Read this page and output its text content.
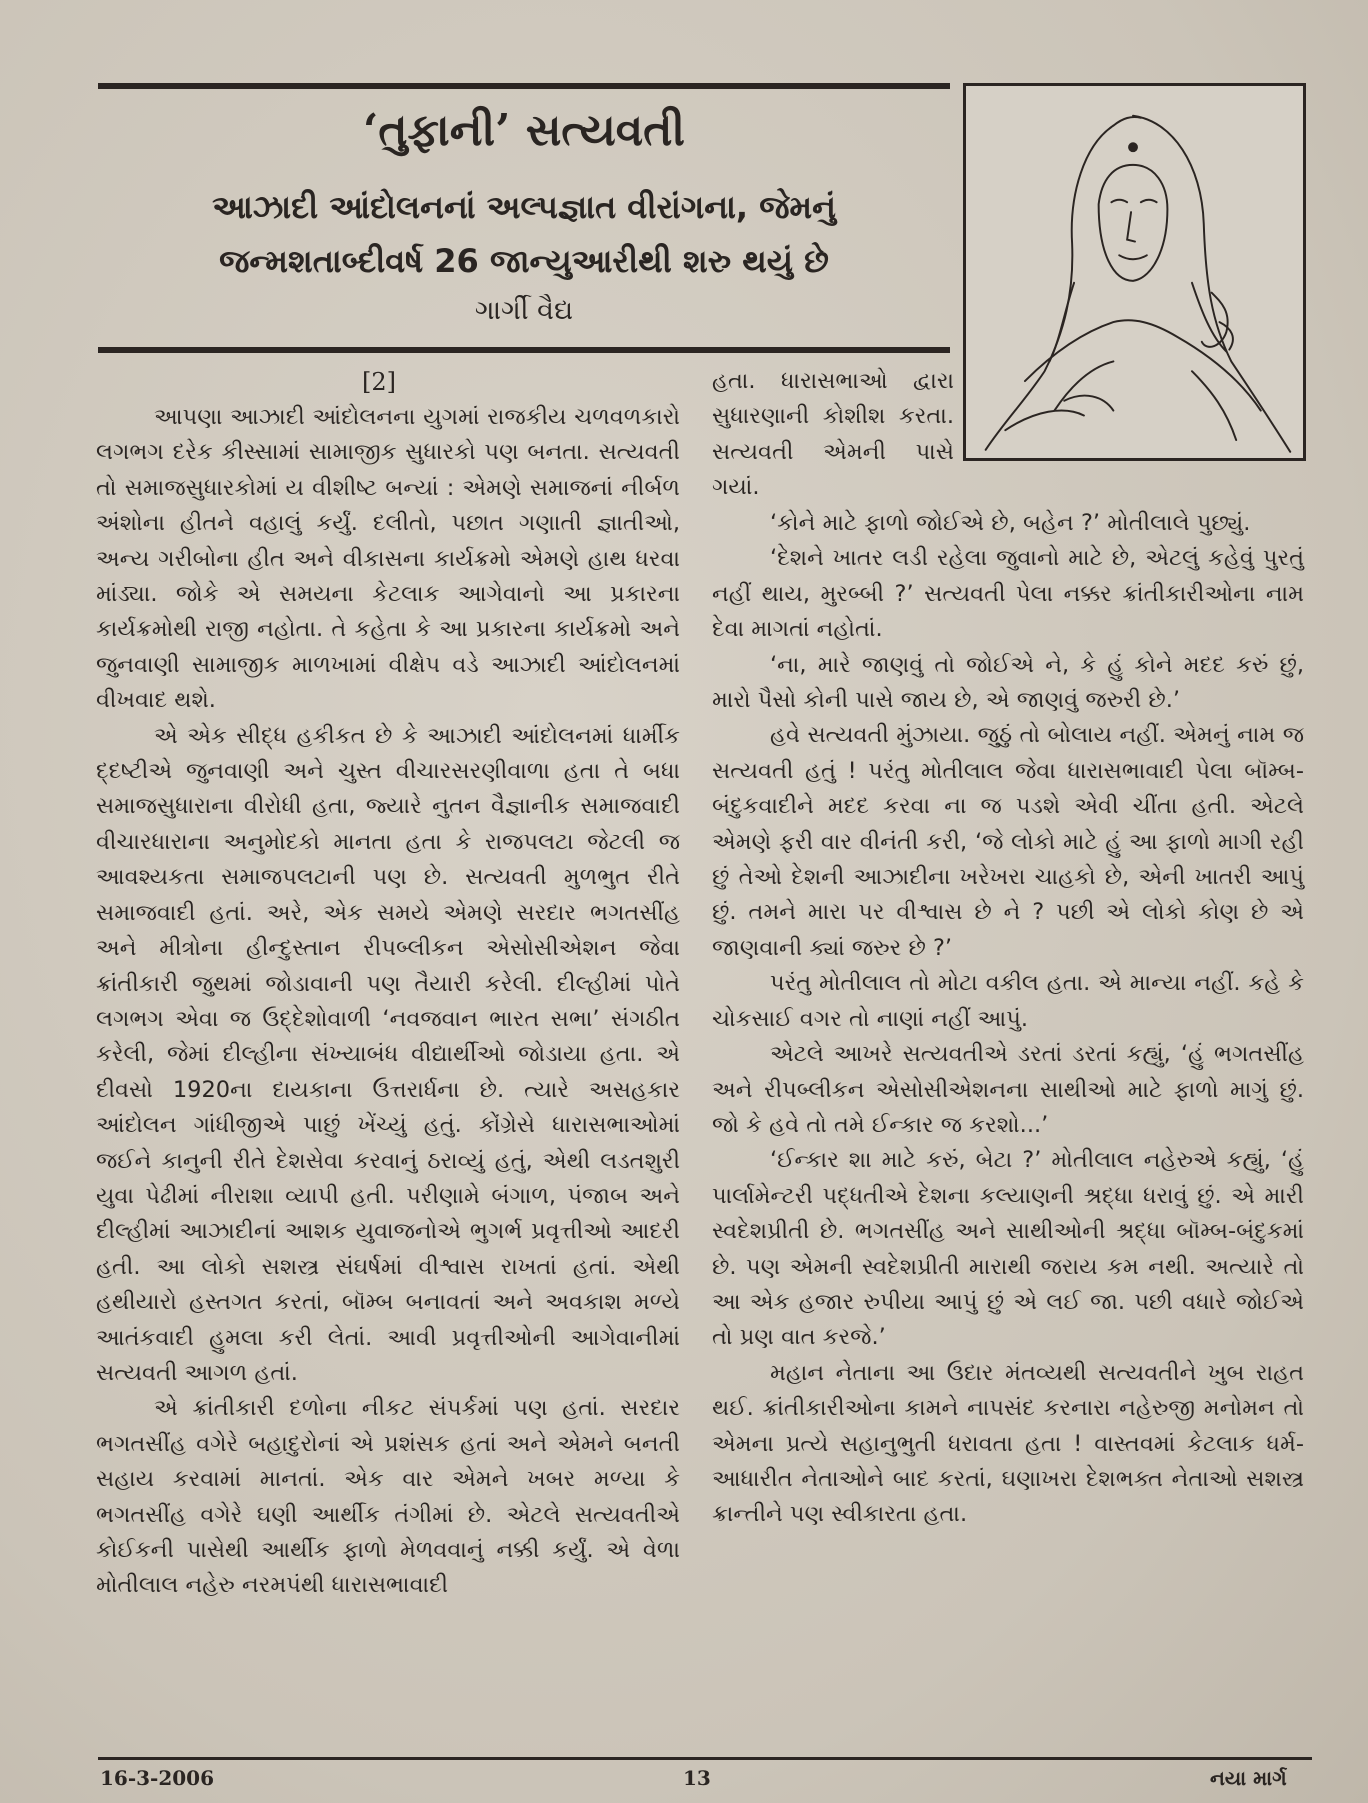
‘તુફાની’ સત્યવતી
આઝાદી આંદોલનનાં અલ્પજ્ઞાત વીરાંગના, જેમનું
જન્મશતાબ્દીવર્ષ 26 જાન્યુઆરીથી શરુ થયું છે
ગાર્ગી વૈદ્ય
[2]

આપણા આઝાદી આંદોલનના યુગમાં રાજકીય ચળવળકારો લગભગ દરેક કીસ્સામાં સામાજીક સુધારકો પણ બનતા. સત્યવતી તો સમાજસુધારકોમાં ય વીશીષ્ટ બન્યાં : એમણે સમાજનાં નીર્બળ અંશોના હીતને વહાલું કર્યું. દલીતો, પછાત ગણાતી જ્ઞાતીઓ, અન્ય ગરીબોના હીત અને વીકાસના કાર્યક્રમો એમણે હાથ ધરવા માંડ્યા. જોકે એ સમયના કેટલાક આગેવાનો આ પ્રકારના કાર્યક્રમોથી રાજી નહોતા. તે કહેતા કે આ પ્રકારના કાર્યક્રમો અને જુનવાણી સામાજીક માળખામાં વીક્ષેપ વડે આઝાદી આંદોલનમાં વીખવાદ થશે.

એ એક સીદ્ધ હકીકત છે કે આઝાદી આંદોલનમાં ધાર્મીક દ્દષ્ટીએ જુનવાણી અને ચુસ્ત વીચારસરણીવાળા હતા તે બધા સમાજસુધારાના વીરોધી હતા, જ્યારે નુતન વૈજ્ઞાનીક સમાજવાદી વીચારધારાના અનુમોદકો માનતા હતા કે રાજપલટા જેટલી જ આવશ્યકતા સમાજપલટાની પણ છે. સત્યવતી મુળભુત રીતે સમાજવાદી હતાં. અરે, એક સમયે એમણે સરદાર ભગતસીંહ અને મીત્રોના હીન્દુસ્તાન રીપબ્લીકન એસોસીએશન જેવા ક્રાંતીકારી જુથમાં જોડાવાની પણ તૈયારી કરેલી. દીલ્હીમાં પોતે લગભગ એવા જ ઉદ્દેશોવાળી ‘નવજવાન ભારત સભા’ સંગઠીત કરેલી, જેમાં દીલ્હીના સંખ્યાબંધ વીદ્યાર્થીઓ જોડાયા હતા. એ દીવસો 1920ના દાયકાના ઉત્તરાર્ધના છે. ત્યારે અસહકાર આંદોલન ગાંધીજીએ પાછું ખેંચ્યું હતું. કોંગ્રેસે ધારાસભાઓમાં જઈને કાનુની રીતે દેશસેવા કરવાનું ઠરાવ્યું હતું, એથી લડતશુરી યુવા પેઢીમાં નીરાશા વ્યાપી હતી. પરીણામે બંગાળ, પંજાબ અને દીલ્હીમાં આઝાદીનાં આશક યુવાજનોએ ભુગર્ભ પ્રવૃત્તીઓ આદરી હતી. આ લોકો સશસ્ત્ર સંઘર્ષમાં વીશ્વાસ રાખતાં હતાં. એથી હથીયારો હસ્તગત કરતાં, બૉમ્બ બનાવતાં અને અવકાશ મળ્યે આતંકવાદી હુમલા કરી લેતાં. આવી પ્રવૃત્તીઓની આગેવાનીમાં સત્યવતી આગળ હતાં.

એ ક્રાંતીકારી દળોના નીકટ સંપર્કમાં પણ હતાં. સરદાર ભગતસીંહ વગેરે બહાદુરોનાં એ પ્રશંસક હતાં અને એમને બનતી સહાય કરવામાં માનતાં. એક વાર એમને ખબર મળ્યા કે ભગતસીંહ વગેરે ઘણી આર્થીક તંગીમાં છે. એટલે સત્યવતીએ કોઈકની પાસેથી આર્થીક ફાળો મેળવવાનું નક્કી કર્યું. એ વેળા મોતીલાલ નહેરુ નરમપંથી ધારાસભાવાદી

હતા. ધારાસભાઓ દ્વારા સુધારણાની કોશીશ કરતા. સત્યવતી એમની પાસે ગયાં.

‘કોને માટે ફાળો જોઈએ છે, બહેન ?’ મોતીલાલે પુછ્યું.

‘દેશને ખાતર લડી રહેલા જુવાનો માટે છે, એટલું કહેવું પુરતું નહીં થાય, મુરબ્બી ?’ સત્યવતી પેલા નક્કર ક્રાંતીકારીઓના નામ દેવા માગતાં નહોતાં.

‘ના, મારે જાણવું તો જોઈએ ને, કે હું કોને મદદ કરું છું, મારો પૈસો કોની પાસે જાય છે, એ જાણવું જરુરી છે.’

હવે સત્યવતી મુંઝાયા. જુઠું તો બોલાય નહીં. એમનું નામ જ સત્યવતી હતું ! પરંતુ મોતીલાલ જેવા ધારાસભાવાદી પેલા બૉમ્બ-બંદુકવાદીને મદદ કરવા ના જ પડશે એવી ચીંતા હતી. એટલે એમણે ફરી વાર વીનંતી કરી, ‘જે લોકો માટે હું આ ફાળો માગી રહી છું તેઓ દેશની આઝાદીના ખરેખરા ચાહકો છે, એની ખાતરી આપું છું. તમને મારા પર વીશ્વાસ છે ને ? પછી એ લોકો કોણ છે એ જાણવાની ક્યાં જરુર છે ?’

પરંતુ મોતીલાલ તો મોટા વકીલ હતા. એ માન્યા નહીં. કહે કે ચોકસાઈ વગર તો નાણાં નહીં આપું.

એટલે આખરે સત્યવતીએ ડરતાં ડરતાં કહ્યું, ‘હું ભગતસીંહ અને રીપબ્લીકન એસોસીએશનના સાથીઓ માટે ફાળો માગું છું. જો કે હવે તો તમે ઈન્કાર જ કરશો...’

‘ઈન્કાર શા માટે કરું, બેટા ?’ મોતીલાલ નહેરુએ કહ્યું, ‘હું પાર્લામેન્ટરી પદ્ધતીએ દેશના કલ્યાણની શ્રદ્ધા ધરાવું છું. એ મારી સ્વદેશપ્રીતી છે. ભગતસીંહ અને સાથીઓની શ્રદ્ધા બૉમ્બ-બંદુકમાં છે. પણ એમની સ્વદેશપ્રીતી મારાથી જરાય કમ નથી. અત્યારે તો આ એક હજાર રુપીયા આપું છું એ લઈ જા. પછી વધારે જોઈએ તો પ્રણ વાત કરજે.’

મહાન નેતાના આ ઉદાર મંતવ્યથી સત્યવતીને ખુબ રાહત થઈ. ક્રાંતીકારીઓના કામને નાપસંદ કરનારા નહેરુજી મનોમન તો એમના પ્રત્યે સહાનુભુતી ધરાવતા હતા ! વાસ્તવમાં કેટલાક ધર્મ-આધારીત નેતાઓને બાદ કરતાં, ઘણાખરા દેશભક્ત નેતાઓ સશસ્ત્ર ક્રાન્તીને પણ સ્વીકારતા હતા.

16-3-2006	13	નયા માર્ગ
